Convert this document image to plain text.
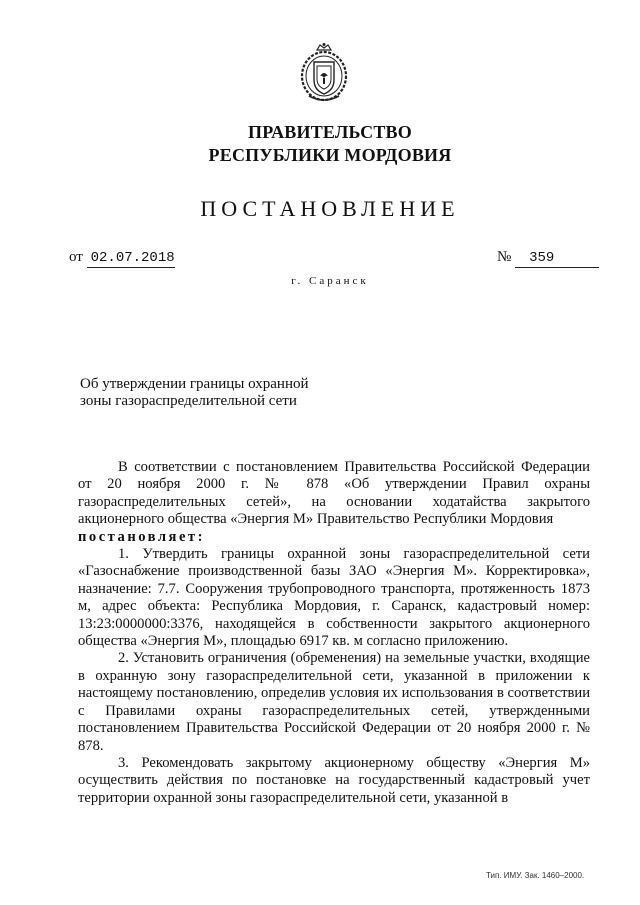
ПРАВИТЕЛЬСТВО
РЕСПУБЛИКИ МОРДОВИЯ
ПОСТАНОВЛЕНИЕ
от 02.07.2018	№ 359
г. Саранск
Об утверждении границы охранной
зоны газораспределительной сети

В соответствии с постановлением Правительства Российской Федерации от 20 ноября 2000 г. № 878 «Об утверждении Правил охраны газораспределительных сетей», на основании ходатайства закрытого акционерного общества «Энергия М» Правительство Республики Мордовия

постановляет:

1. Утвердить границы охранной зоны газораспределительной сети «Газоснабжение производственной базы ЗАО «Энергия М». Корректировка», назначение: 7.7. Сооружения трубопроводного транспорта, протяженность 1873 м, адрес объекта: Республика Мордовия, г. Саранск, кадастровый номер: 13:23:0000000:3376, находящейся в собственности закрытого акционерного общества «Энергия М», площадью 6917 кв. м согласно приложению.

2. Установить ограничения (обременения) на земельные участки, входящие в охранную зону газораспределительной сети, указанной в приложении к настоящему постановлению, определив условия их использования в соответствии с Правилами охраны газораспределительных сетей, утвержденными постановлением Правительства Российской Федерации от 20 ноября 2000 г. № 878.

3. Рекомендовать закрытому акционерному обществу «Энергия М» осуществить действия по постановке на государственный кадастровый учет территории охранной зоны газораспределительной сети, указанной в

Тип. ИМУ. Зак. 1460–2000.
